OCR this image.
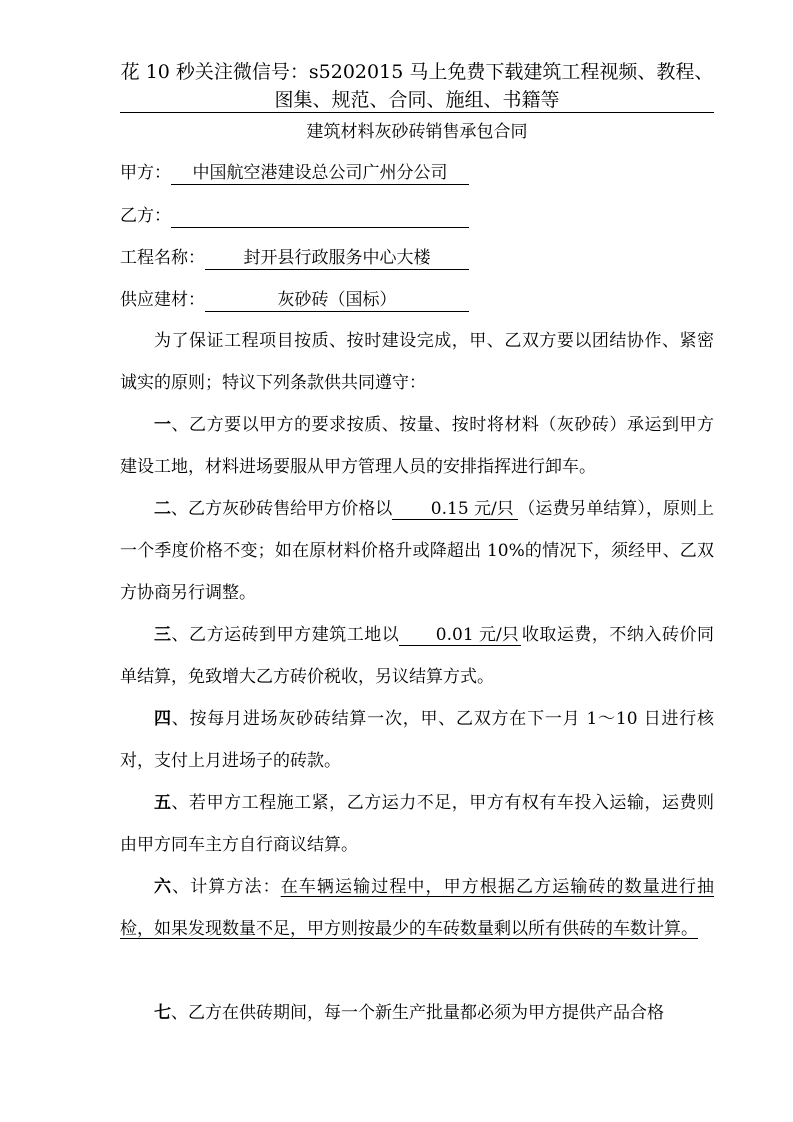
花 10 秒关注微信号：s5202015 马上免费下载建筑工程视频、教程、
图集、规范、合同、施组、书籍等
建筑材料灰砂砖销售承包合同
甲方： 中国航空港建设总公司广州分公司
乙方：
工程名称： 封开县行政服务中心大楼
供应建材：	灰砂砖（国标）
为了保证工程项目按质、按时建设完成，甲、乙双方要以团结协作、紧密诚实的原则；特议下列条款供共同遵守：
一、乙方要以甲方的要求按质、按量、按时将材料（灰砂砖）承运到甲方建设工地，材料进场要服从甲方管理人员的安排指挥进行卸车。
二、乙方灰砂砖售给甲方价格以 0.15 元/只 （运费另单结算），原则上一个季度价格不变；如在原材料价格升或降超出 10%的情况下，须经甲、乙双方协商另行调整。
三、乙方运砖到甲方建筑工地以 0.01 元/只 收取运费，不纳入砖价同单结算，免致增大乙方砖价税收，另议结算方式。
四、按每月进场灰砂砖结算一次，甲、乙双方在下一月 1～10 日进行核对，支付上月进场子的砖款。
五、若甲方工程施工紧，乙方运力不足，甲方有权有车投入运输，运费则由甲方同车主方自行商议结算。
六、计算方法：在车辆运输过程中，甲方根据乙方运输砖的数量进行抽检，如果发现数量不足，甲方则按最少的车砖数量剩以所有供砖的车数计算。
七、乙方在供砖期间，每一个新生产批量都必须为甲方提供产品合格
